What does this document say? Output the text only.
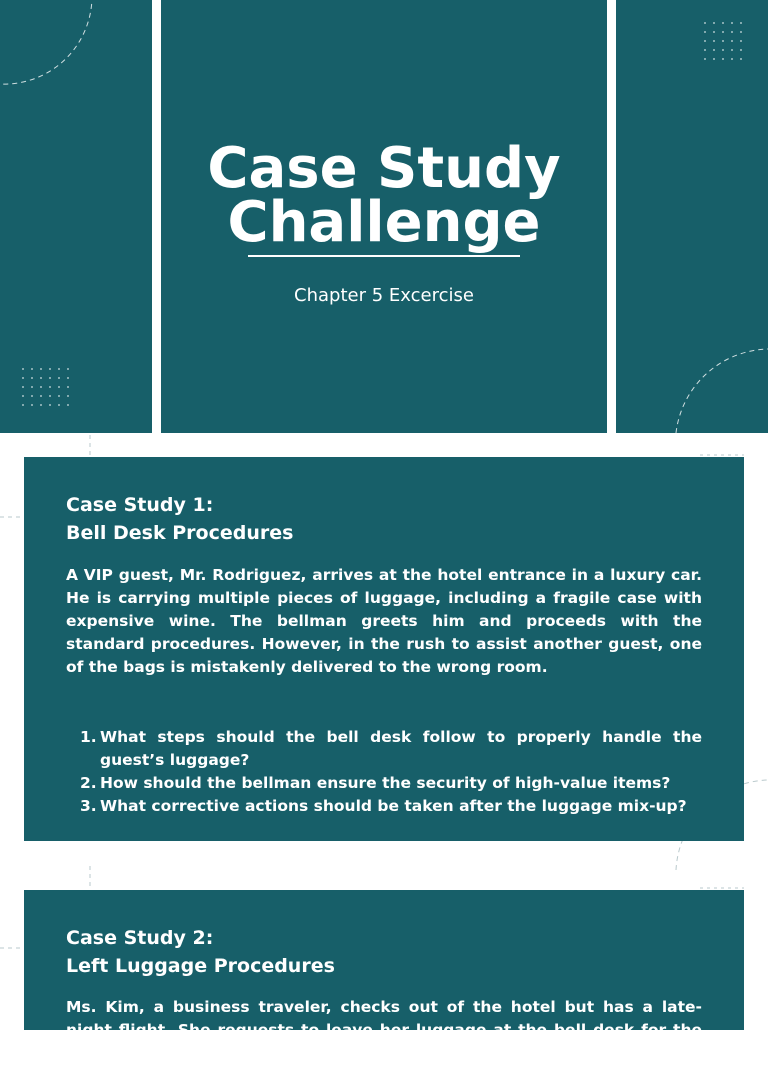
Case Study
Challenge
Chapter 5 Excercise
Case Study 1:
Bell Desk Procedures
A VIP guest, Mr. Rodriguez, arrives at the hotel entrance in a luxury car. He is carrying multiple pieces of luggage, including a fragile case with expensive wine. The bellman greets him and proceeds with the standard procedures. However, in the rush to assist another guest, one of the bags is mistakenly delivered to the wrong room.
1. What steps should the bell desk follow to properly handle the guest’s luggage?
2. How should the bellman ensure the security of high-value items?
3. What corrective actions should be taken after the luggage mix-up?
Case Study 2:
Left Luggage Procedures
Ms. Kim, a business traveler, checks out of the hotel but has a late-night flight. She requests to leave her luggage at the bell desk for the day.
